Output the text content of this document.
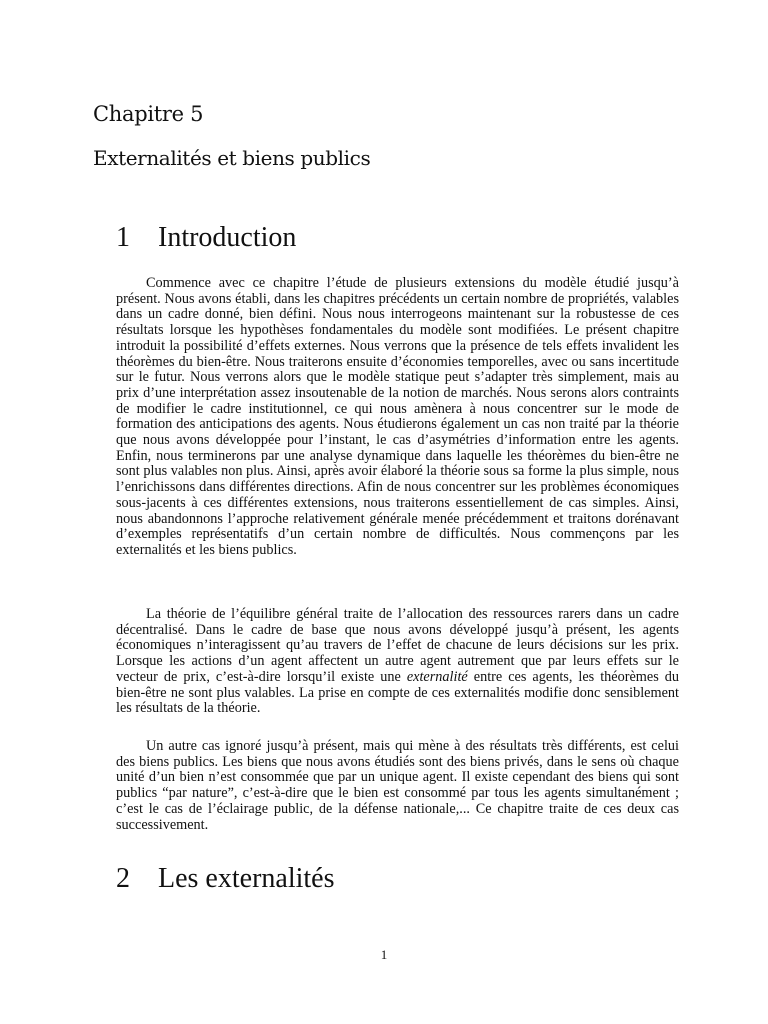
Chapitre 5
Externalités et biens publics
1 Introduction

Commence avec ce chapitre l’étude de plusieurs extensions du modèle étudié jusqu’à présent. Nous avons établi, dans les chapitres précédents un certain nombre de propriétés, valables dans un cadre donné, bien défini. Nous nous interrogeons maintenant sur la robustesse de ces résultats lorsque les hypothèses fondamentales du modèle sont modifiées. Le présent chapitre introduit la possibilité d’effets externes. Nous verrons que la présence de tels effets invalident les théorèmes du bien-être. Nous traiterons ensuite d’économies temporelles, avec ou sans incertitude sur le futur. Nous verrons alors que le modèle statique peut s’adapter très simplement, mais au prix d’une interprétation assez insoutenable de la notion de marchés. Nous serons alors contraints de modifier le cadre institutionnel, ce qui nous amènera à nous concentrer sur le mode de formation des anticipations des agents. Nous étudierons également un cas non traité par la théorie que nous avons développée pour l’instant, le cas d’asymétries d’information entre les agents. Enfin, nous terminerons par une analyse dynamique dans laquelle les théorèmes du bien-être ne sont plus valables non plus. Ainsi, après avoir élaboré la théorie sous sa forme la plus simple, nous l’enrichissons dans différentes directions. Afin de nous concentrer sur les problèmes économiques sous-jacents à ces différentes extensions, nous traiterons essentiellement de cas simples. Ainsi, nous abandonnons l’approche relativement générale menée précédemment et traitons dorénavant d’exemples représentatifs d’un certain nombre de difficultés. Nous commençons par les externalités et les biens publics.

La théorie de l’équilibre général traite de l’allocation des ressources rarers dans un cadre décentralisé. Dans le cadre de base que nous avons développé jusqu’à présent, les agents économiques n’interagissent qu’au travers de l’effet de chacune de leurs décisions sur les prix. Lorsque les actions d’un agent affectent un autre agent autrement que par leurs effets sur le vecteur de prix, c’est-à-dire lorsqu’il existe une externalité entre ces agents, les théorèmes du bien-être ne sont plus valables. La prise en compte de ces externalités modifie donc sensiblement les résultats de la théorie.

Un autre cas ignoré jusqu’à présent, mais qui mène à des résultats très différents, est celui des biens publics. Les biens que nous avons étudiés sont des biens privés, dans le sens où chaque unité d’un bien n’est consommée que par un unique agent. Il existe cependant des biens qui sont publics “par nature”, c’est-à-dire que le bien est consommé par tous les agents simultanément ; c’est le cas de l’éclairage public, de la défense nationale,... Ce chapitre traite de ces deux cas successivement.

2 Les externalités
1
